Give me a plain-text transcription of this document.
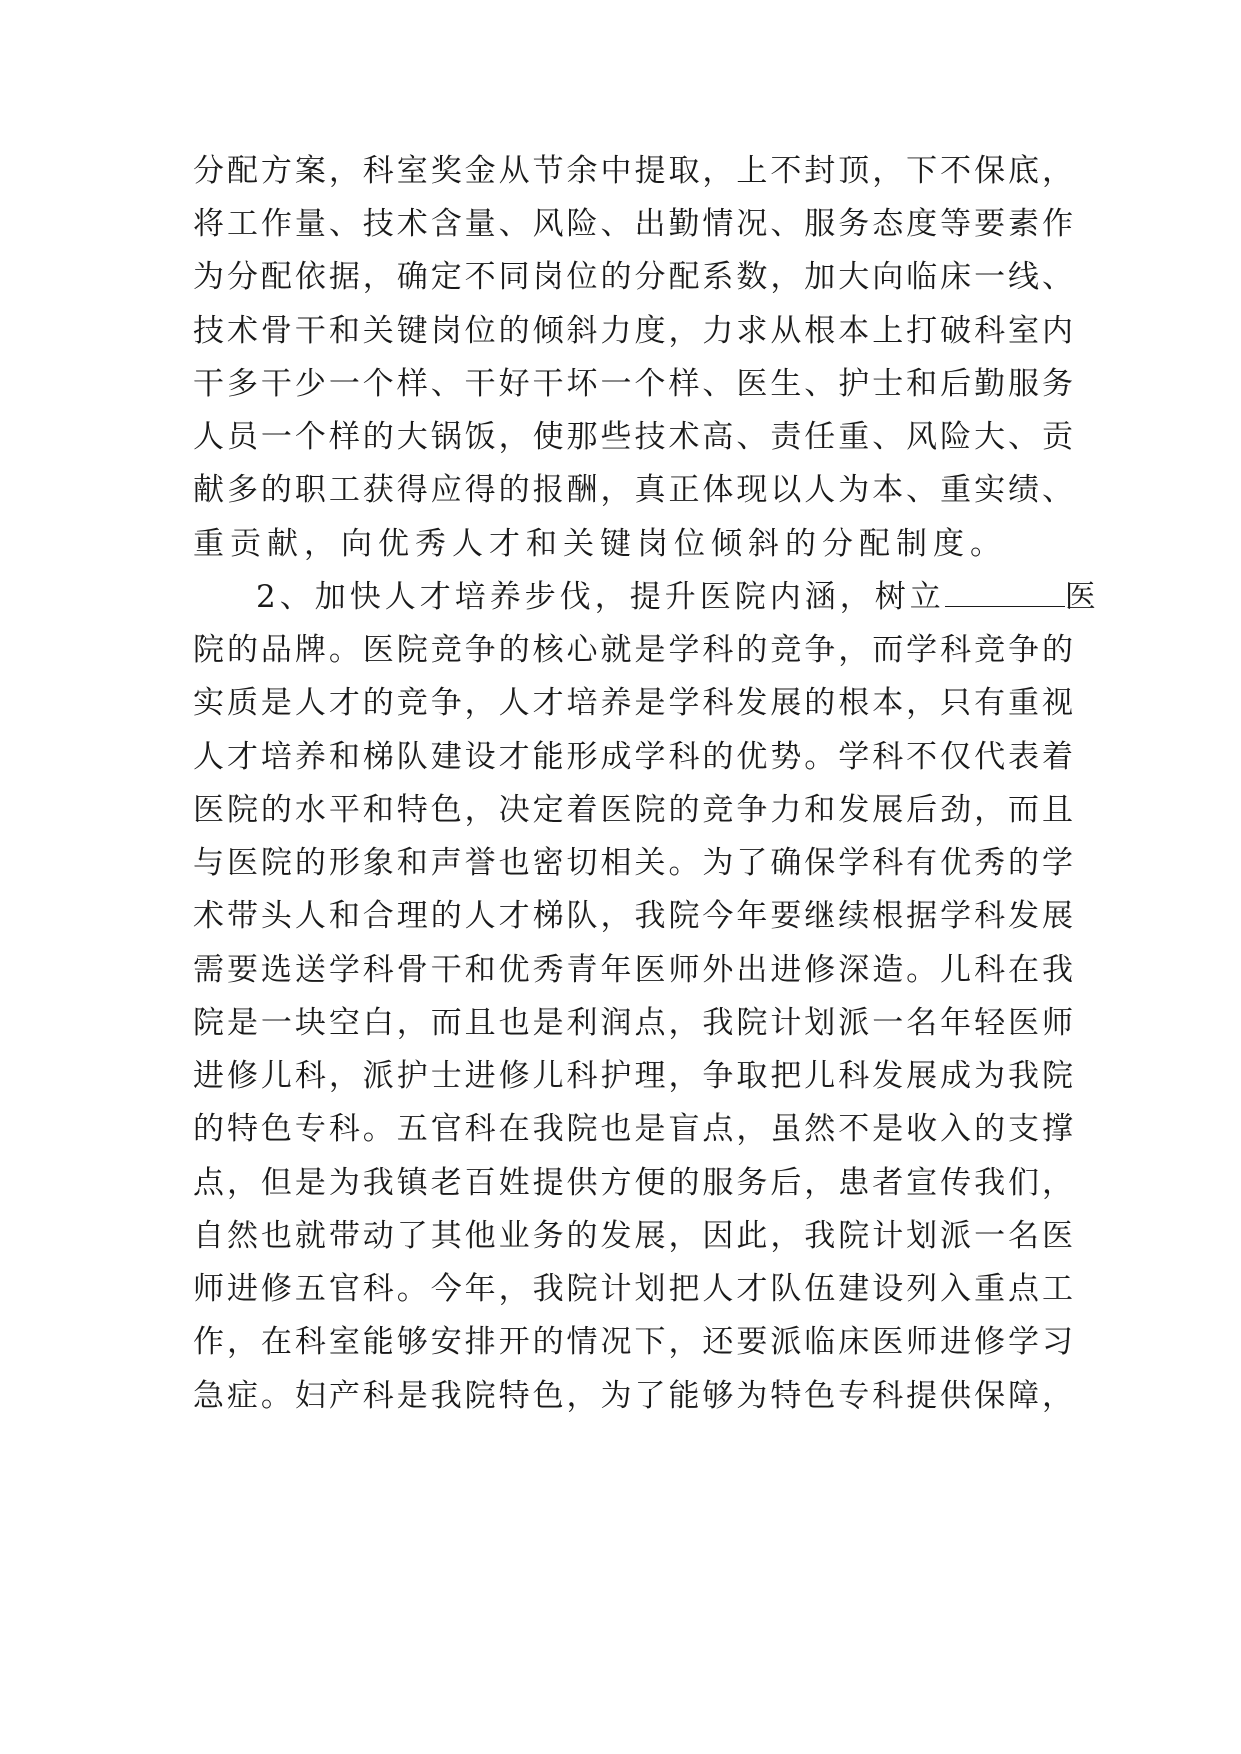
分配方案，科室奖金从节余中提取，上不封顶，下不保底，
将工作量、技术含量、风险、出勤情况、服务态度等要素作
为分配依据，确定不同岗位的分配系数，加大向临床一线、
技术骨干和关键岗位的倾斜力度，力求从根本上打破科室内
干多干少一个样、干好干坏一个样、医生、护士和后勤服务
人员一个样的大锅饭，使那些技术高、责任重、风险大、贡
献多的职工获得应得的报酬，真正体现以人为本、重实绩、
重贡献，向优秀人才和关键岗位倾斜的分配制度。
2、加快人才培养步伐，提升医院内涵，树立	医
院的品牌。医院竞争的核心就是学科的竞争，而学科竞争的
实质是人才的竞争，人才培养是学科发展的根本，只有重视
人才培养和梯队建设才能形成学科的优势。学科不仅代表着
医院的水平和特色，决定着医院的竞争力和发展后劲，而且
与医院的形象和声誉也密切相关。为了确保学科有优秀的学
术带头人和合理的人才梯队，我院今年要继续根据学科发展
需要选送学科骨干和优秀青年医师外出进修深造。儿科在我
院是一块空白，而且也是利润点，我院计划派一名年轻医师
进修儿科，派护士进修儿科护理，争取把儿科发展成为我院
的特色专科。五官科在我院也是盲点，虽然不是收入的支撑
点，但是为我镇老百姓提供方便的服务后，患者宣传我们，
自然也就带动了其他业务的发展，因此，我院计划派一名医
师进修五官科。今年，我院计划把人才队伍建设列入重点工
作，在科室能够安排开的情况下，还要派临床医师进修学习
急症。妇产科是我院特色，为了能够为特色专科提供保障，
